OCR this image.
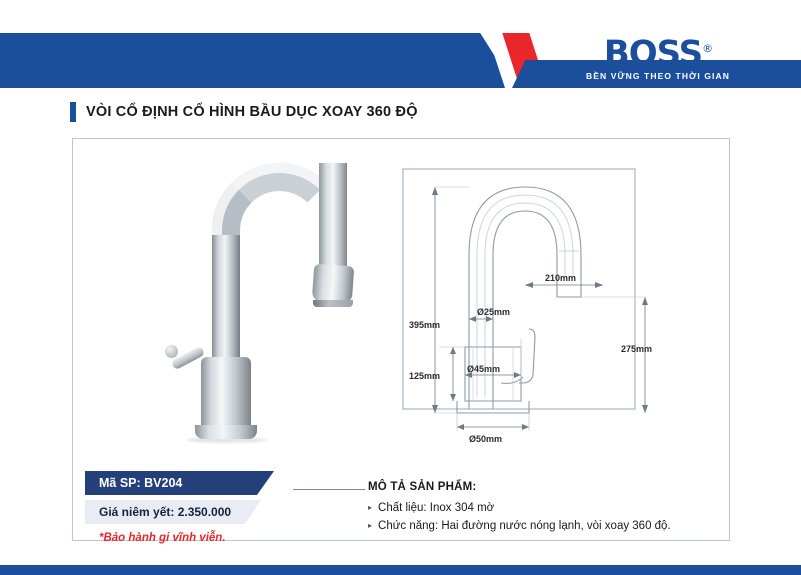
BOSS®
BỀN VỮNG THEO THỜI GIAN
VÒI CỔ ĐỊNH CỔ HÌNH BẦU DỤC XOAY 360 ĐỘ
395mm
210mm
275mm
125mm
Ø25mm
Ø45mm
Ø50mm
Mã SP: BV204
Giá niêm yết: 2.350.000
*Bảo hành gi vĩnh viễn.
MÔ TẢ SẢN PHẨM:
▸ Chất liệu: Inox 304 mờ
▸ Chức năng: Hai đường nước nóng lạnh, vòi xoay 360 độ.
